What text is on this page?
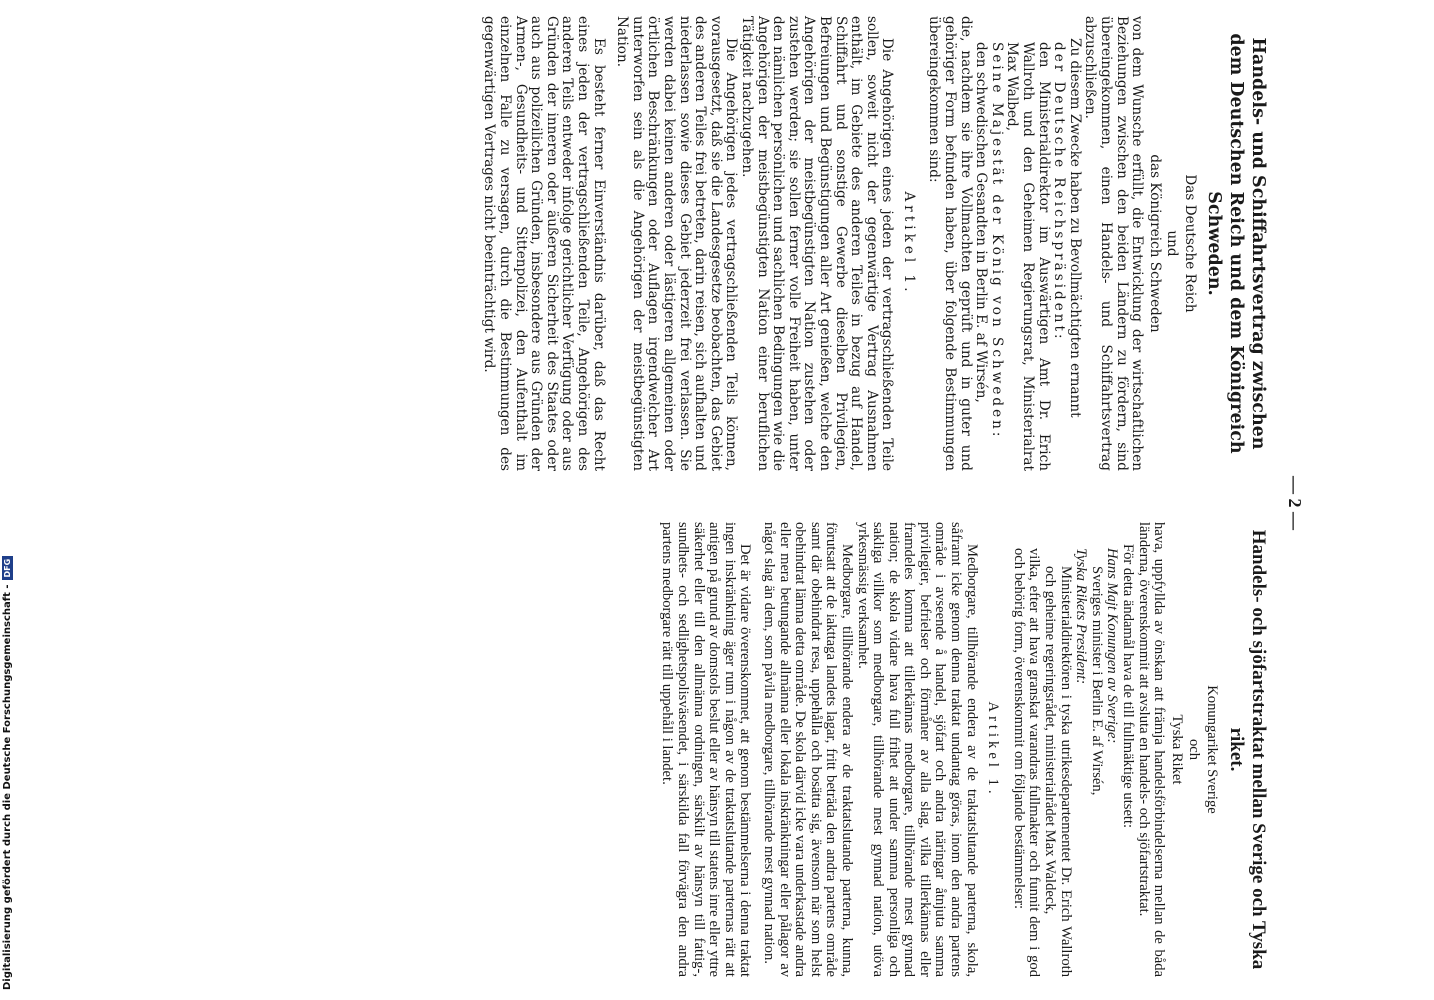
Digitalisierung gefördert durch die Deutsche Forschungsgemeinschaft -DFG
— 2 —
Handels- und Schiffahrtsvertrag zwischen dem Deutschen Reich und dem Königreich Schweden.
Das Deutsche Reich
und
das Königreich Schweden

von dem Wunsche erfüllt, die Entwicklung der wirtschaftlichen Beziehungen zwischen den beiden Ländern zu fördern, sind übereingekommen, einen Handels- und Schiffahrtsvertrag abzuschließen.

Zu diesem Zwecke haben zu Bevollmächtigten ernannt

der Deutsche Reichspräsident:

den Ministerialdirektor im Auswärtigen Amt Dr. Erich Wallroth und den Geheimen Regierungsrat, Ministerialrat Max Walbed,

Seine Majestät der König von Schweden:

den schwedischen Gesandten in Berlin E. af Wirsén,

die, nachdem sie ihre Vollmachten geprüft und in guter und gehöriger Form befunden haben, über folgende Bestimmungen übereingekommen sind:

Artikel 1.

Die Angehörigen eines jeden der vertragschließenden Teile sollen, soweit nicht der gegenwärtige Vertrag Ausnahmen enthält, im Gebiete des anderen Teiles in bezug auf Handel, Schiffahrt und sonstige Gewerbe dieselben Privilegien, Befreiungen und Begünstigungen aller Art genießen, welche den Angehörigen der meistbegünstigten Nation zustehen oder zustehen werden; sie sollen ferner volle Freiheit haben, unter den nämlichen persönlichen und sachlichen Bedingungen wie die Angehörigen der meistbegünstigten Nation einer beruflichen Tätigkeit nachzugehen.

Die Angehörigen jedes vertragschließenden Teils können, vorausgesetzt, daß sie die Landesgesetze beobachten, das Gebiet des anderen Teiles frei betreten, darin reisen, sich aufhalten und niederlassen sowie dieses Gebiet jederzeit frei verlassen. Sie werden dabei keinen anderen oder lästigeren allgemeinen oder örtlichen Beschränkungen oder Auflagen irgendwelcher Art unterworfen sein als die Angehörigen der meistbegünstigten Nation.

Es besteht ferner Einverständnis darüber, daß das Recht eines jeden der vertragschließenden Teile, Angehörigen des anderen Teils entweder infolge gerichtlicher Verfügung oder aus Gründen der inneren oder äußeren Sicherheit des Staates oder auch aus polizeilichen Gründen, insbesondere aus Gründen der Armen-, Gesundheits- und Sittenpolizei, den Aufenthalt im einzelnen Falle zu versagen, durch die Bestimmungen des gegenwärtigen Vertrages nicht beeinträchtigt wird.

Handels- och sjöfartstraktat mellan Sverige och Tyska riket.
Konungariket Sverige
och
Tyska Riket

hava, uppfyllda av önskan att främja handelsförbindelserna mellan de båda länderna, överenskommit att avsluta en handels- och sjöfartstraktat.

För detta ändamål hava de till fullmäktige utsett:

Hans Majt Konungen av Sverige:

Sveriges minister i Berlin E. af Wirsén,

Tyska Rikets President:

Ministerialdirektören i tyska utrikesdepartementet Dr. Erich Wallroth och geheime regeringsrådet, ministerialrådet Max Waldeck,

vilka, efter att hava granskat varandras fullmakter och funnit dem i god och behörig form, överenskommit om följande bestämmelser:

Artikel 1.

Medborgare, tillhörande endera av de traktatslutande parterna, skola, såframt icke genom denna traktat undantag göras, inom den andra partens område i avseende å handel, sjöfart och andra näringar åtnjuta samma privilegier, befrielser och förmåner av alla slag, vilka tillerkännas eller framdeles komma att tillerkännas medborgare, tillhörande mest gynnad nation; de skola vidare hava full frihet att under samma personliga och sakliga villkor som medborgare, tillhörande mest gynnad nation, utöva yrkesmässig verksamhet.

Medborgare, tillhörande endera av de traktatslutande parterna, kunna, förutsatt att de iakttaga landets lagar, fritt beträda den andra partens område samt där obehindrat resa, uppehålla och bosätta sig, ävensom när som helst obehindrat lämna detta område. De skola därvid icke vara underkastade andra eller mera betungande allmänna eller lokala inskränkningar eller pålagor av något slag än dem, som påvila medborgare, tillhörande mest gynnad nation.

Det är vidare överenskommet, att genom bestämmelserna i denna traktat ingen inskränkning äger rum i någon av de traktatslutande parternas rätt att antigen på grund av domstols beslut eller av hänsyn till statens inre eller yttre säkerhet eller till den allmänna ordningen, särskilt av hänsyn till fattig-, sundhets- och sedlighetspolisväsendet, i särskilda fall förvägra den andra partens medborgare rätt till uppehåll i landet.
